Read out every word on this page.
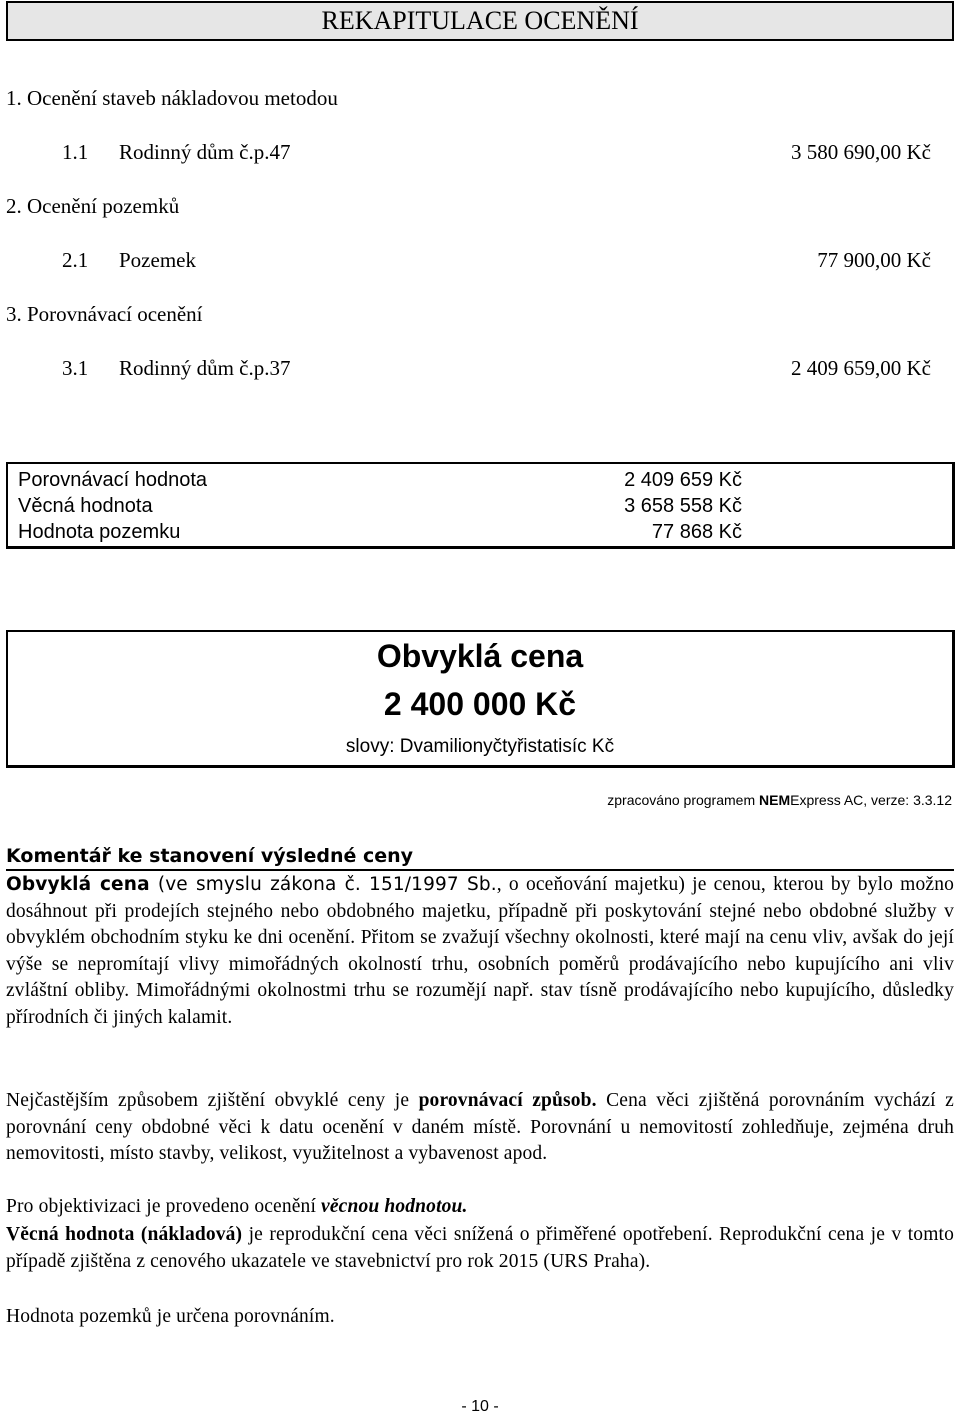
REKAPITULACE OCENĚNÍ
1. Ocenění staveb nákladovou metodou
1.1 Rodinný dům č.p.47	3 580 690,00 Kč
2. Ocenění pozemků
2.1 Pozemek	77 900,00 Kč
3. Porovnávací ocenění
3.1 Rodinný dům č.p.37	2 409 659,00 Kč
Porovnávací hodnota	2 409 659 Kč
Věcná hodnota	3 658 558 Kč
Hodnota pozemku	77 868 Kč
Obvyklá cena
2 400 000 Kč
slovy: Dvamilionyčtyřistatisíc Kč
zpracováno programem NEMExpress AC, verze: 3.3.12
Komentář ke stanovení výsledné ceny

Obvyklá cena (ve smyslu zákona č. 151/1997 Sb., o oceňování majetku) je cenou, kterou by bylo možno dosáhnout při prodejích stejného nebo obdobného majetku, případně při poskytování stejné nebo obdobné služby v obvyklém obchodním styku ke dni ocenění. Přitom se zvažují všechny okolnosti, které mají na cenu vliv, avšak do její výše se nepromítají vlivy mimořádných okolností trhu, osobních poměrů prodávajícího nebo kupujícího ani vliv zvláštní obliby. Mimořádnými okolnostmi trhu se rozumějí např. stav tísně prodávajícího nebo kupujícího, důsledky přírodních či jiných kalamit.

Nejčastějším způsobem zjištění obvyklé ceny je porovnávací způsob. Cena věci zjištěná porovnáním vychází z porovnání ceny obdobné věci k datu ocenění v daném místě. Porovnání u nemovitostí zohledňuje, zejména druh nemovitosti, místo stavby, velikost, využitelnost a vybavenost apod.

Pro objektivizaci je provedeno ocenění věcnou hodnotou.

Věcná hodnota (nákladová) je reprodukční cena věci snížená o přiměřené opotřebení. Reprodukční cena je v tomto případě zjištěna z cenového ukazatele ve stavebnictví pro rok 2015 (URS Praha).

Hodnota pozemků je určena porovnáním.

- 10 -
